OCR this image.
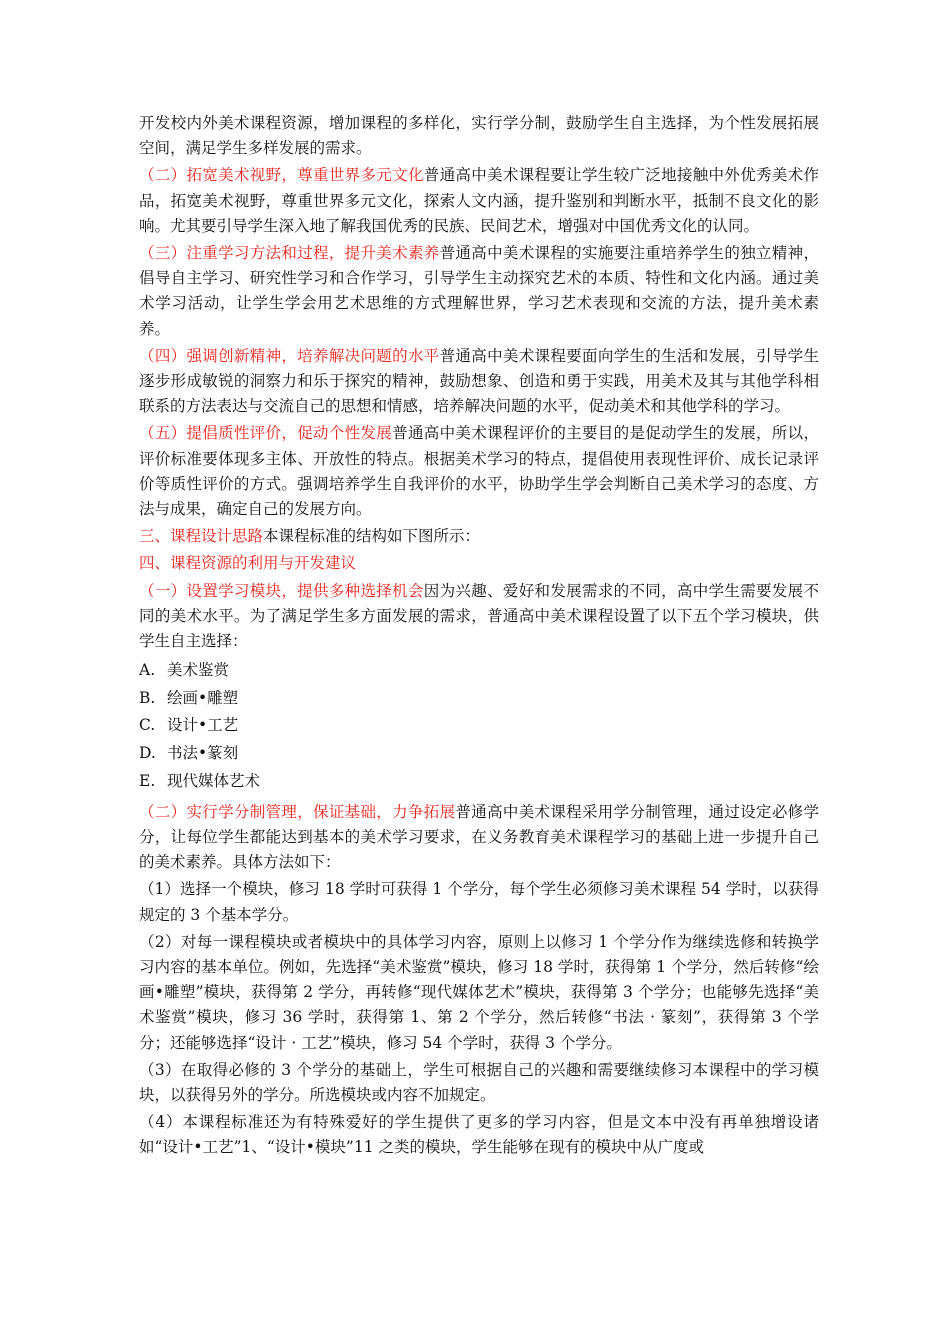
开发校内外美术课程资源，增加课程的多样化，实行学分制，鼓励学生自主选择，为个性发展拓展空间，满足学生多样发展的需求。

（二）拓宽美术视野，尊重世界多元文化普通高中美术课程要让学生较广泛地接触中外优秀美术作品，拓宽美术视野，尊重世界多元文化，探索人文内涵，提升鉴别和判断水平，抵制不良文化的影响。尤其要引导学生深入地了解我国优秀的民族、民间艺术，增强对中国优秀文化的认同。

（三）注重学习方法和过程，提升美术素养普通高中美术课程的实施要注重培养学生的独立精神，倡导自主学习、研究性学习和合作学习，引导学生主动探究艺术的本质、特性和文化内涵。通过美术学习活动，让学生学会用艺术思维的方式理解世界，学习艺术表现和交流的方法，提升美术素养。

（四）强调创新精神，培养解决问题的水平普通高中美术课程要面向学生的生活和发展，引导学生逐步形成敏锐的洞察力和乐于探究的精神，鼓励想象、创造和勇于实践，用美术及其与其他学科相联系的方法表达与交流自己的思想和情感，培养解决问题的水平，促动美术和其他学科的学习。

（五）提倡质性评价，促动个性发展普通高中美术课程评价的主要目的是促动学生的发展，所以，评价标准要体现多主体、开放性的特点。根据美术学习的特点，提倡使用表现性评价、成长记录评价等质性评价的方式。强调培养学生自我评价的水平，协助学生学会判断自己美术学习的态度、方法与成果，确定自己的发展方向。

三、课程设计思路本课程标准的结构如下图所示：

四、课程资源的利用与开发建议

（一）设置学习模块，提供多种选择机会因为兴趣、爱好和发展需求的不同，高中学生需要发展不同的美术水平。为了满足学生多方面发展的需求，普通高中美术课程设置了以下五个学习模块，供学生自主选择：

A. 美术鉴赏
B. 绘画•雕塑
C. 设计•工艺
D. 书法•篆刻
E. 现代媒体艺术

（二）实行学分制管理，保证基础，力争拓展普通高中美术课程采用学分制管理，通过设定必修学分，让每位学生都能达到基本的美术学习要求，在义务教育美术课程学习的基础上进一步提升自己的美术素养。具体方法如下：

（1）选择一个模块，修习 18 学时可获得 1 个学分，每个学生必须修习美术课程 54 学时，以获得规定的 3 个基本学分。

（2）对每一课程模块或者模块中的具体学习内容，原则上以修习 1 个学分作为继续选修和转换学习内容的基本单位。例如，先选择“美术鉴赏”模块，修习 18 学时，获得第 1 个学分，然后转修“绘画•雕塑”模块，获得第 2 学分，再转修“现代媒体艺术”模块，获得第 3 个学分；也能够先选择“美术鉴赏”模块，修习 36 学时，获得第 1、第 2 个学分，然后转修“书法 · 篆刻”，获得第 3 个学分；还能够选择“设计 · 工艺”模块，修习 54 个学时，获得 3 个学分。

（3）在取得必修的 3 个学分的基础上，学生可根据自己的兴趣和需要继续修习本课程中的学习模块，以获得另外的学分。所选模块或内容不加规定。

（4）本课程标准还为有特殊爱好的学生提供了更多的学习内容，但是文本中没有再单独增设诸如“设计•工艺”1、“设计•模块”11 之类的模块，学生能够在现有的模块中从广度或
